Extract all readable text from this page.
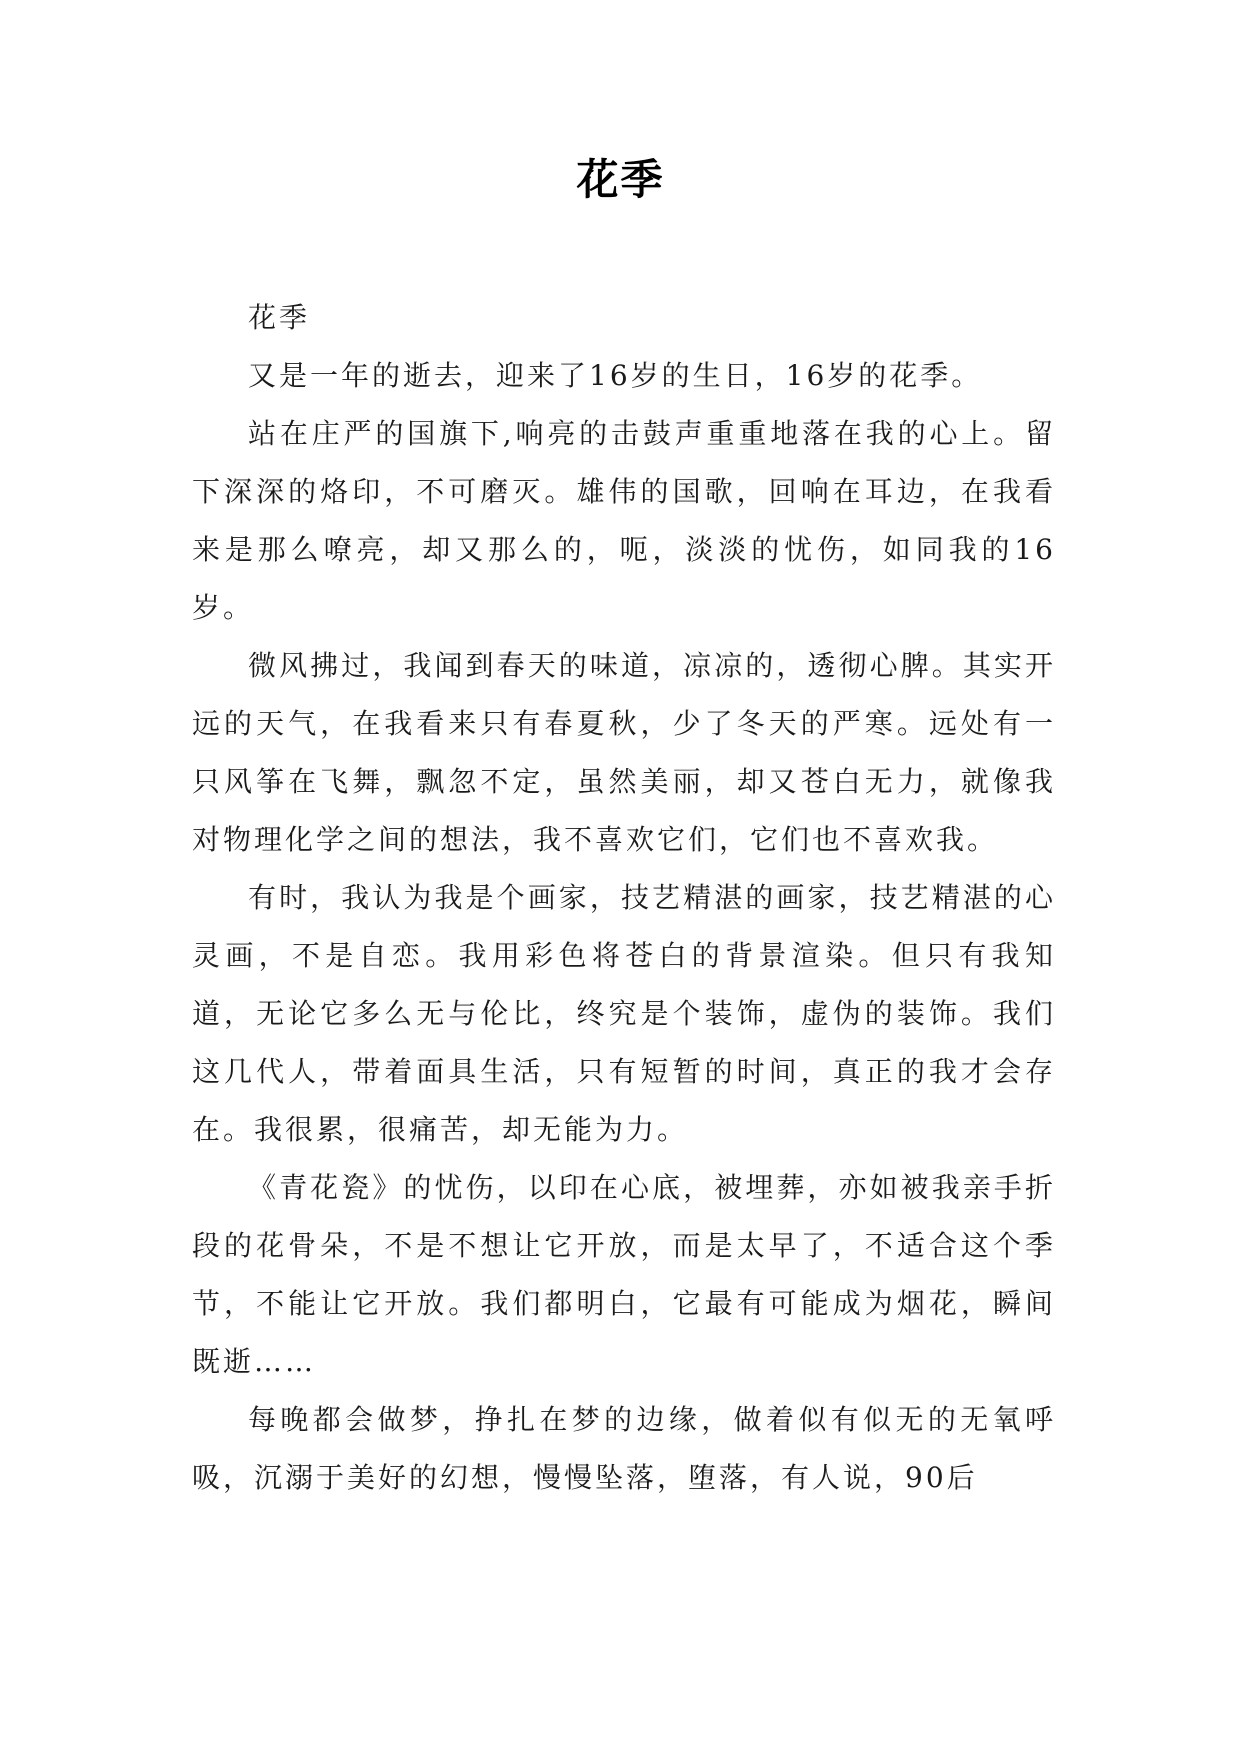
花季

花季

又是一年的逝去，迎来了16岁的生日，16岁的花季。

站在庄严的国旗下,响亮的击鼓声重重地落在我的心上。留下深深的烙印，不可磨灭。雄伟的国歌，回响在耳边，在我看来是那么嘹亮，却又那么的，呃，淡淡的忧伤，如同我的16岁。

微风拂过，我闻到春天的味道，凉凉的，透彻心脾。其实开远的天气，在我看来只有春夏秋，少了冬天的严寒。远处有一只风筝在飞舞，飘忽不定，虽然美丽，却又苍白无力，就像我对物理化学之间的想法，我不喜欢它们，它们也不喜欢我。

有时，我认为我是个画家，技艺精湛的画家，技艺精湛的心灵画，不是自恋。我用彩色将苍白的背景渲染。但只有我知道，无论它多么无与伦比，终究是个装饰，虚伪的装饰。我们这几代人，带着面具生活，只有短暂的时间，真正的我才会存在。我很累，很痛苦，却无能为力。

《青花瓷》的忧伤，以印在心底，被埋葬，亦如被我亲手折段的花骨朵，不是不想让它开放，而是太早了，不适合这个季节，不能让它开放。我们都明白，它最有可能成为烟花，瞬间既逝……

每晚都会做梦，挣扎在梦的边缘，做着似有似无的无氧呼吸，沉溺于美好的幻想，慢慢坠落，堕落，有人说，90后
